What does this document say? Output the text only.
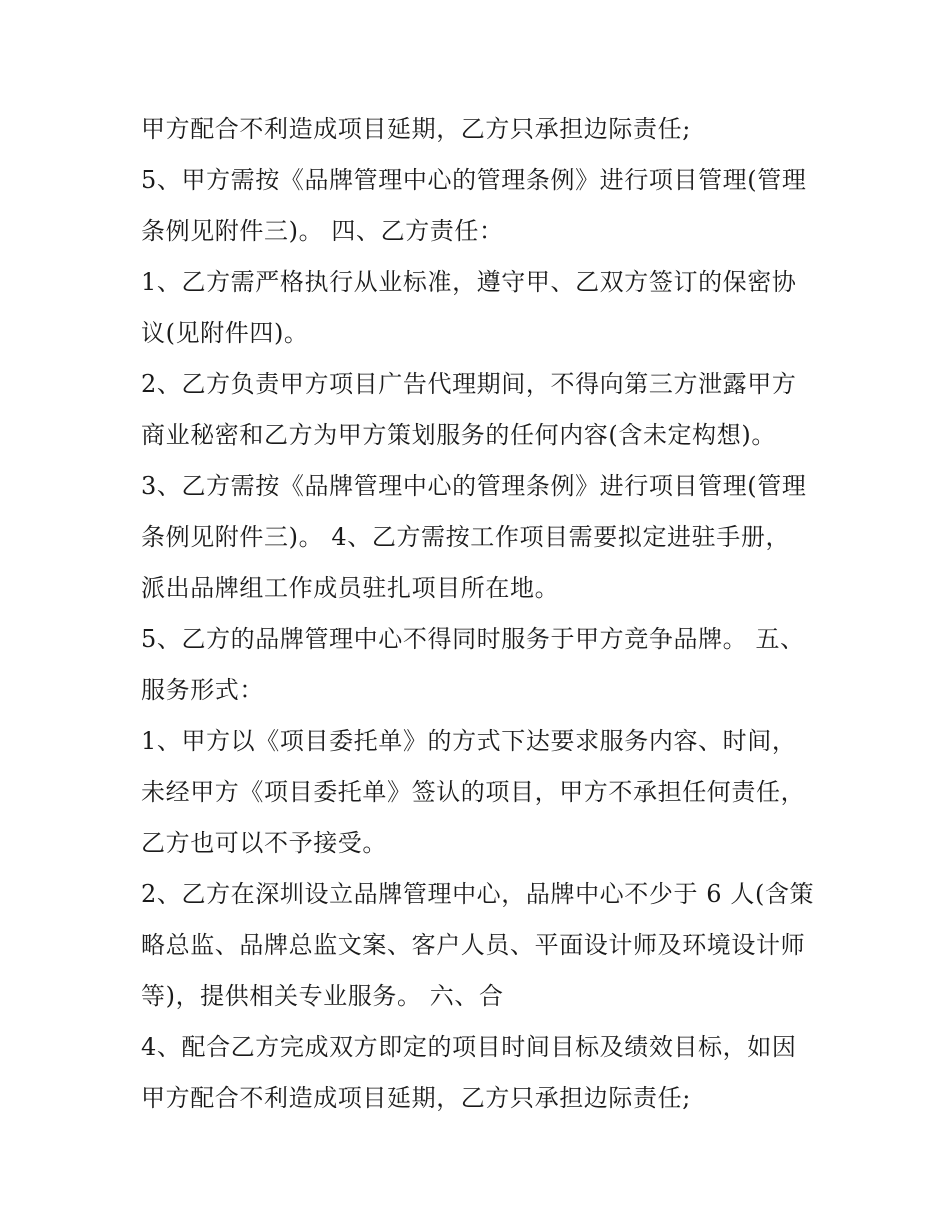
甲方配合不利造成项目延期，乙方只承担边际责任;
5、甲方需按《品牌管理中心的管理条例》进行项目管理(管理
条例见附件三)。 四、乙方责任：
1、乙方需严格执行从业标准，遵守甲、乙双方签订的保密协
议(见附件四)。
2、乙方负责甲方项目广告代理期间，不得向第三方泄露甲方
商业秘密和乙方为甲方策划服务的任何内容(含未定构想)。
3、乙方需按《品牌管理中心的管理条例》进行项目管理(管理
条例见附件三)。 4、乙方需按工作项目需要拟定进驻手册，
派出品牌组工作成员驻扎项目所在地。
5、乙方的品牌管理中心不得同时服务于甲方竞争品牌。 五、
服务形式：
1、甲方以《项目委托单》的方式下达要求服务内容、时间，
未经甲方《项目委托单》签认的项目，甲方不承担任何责任，
乙方也可以不予接受。
2、乙方在深圳设立品牌管理中心，品牌中心不少于 6 人(含策
略总监、品牌总监文案、客户人员、平面设计师及环境设计师
等)，提供相关专业服务。 六、合
4、配合乙方完成双方即定的项目时间目标及绩效目标，如因
甲方配合不利造成项目延期，乙方只承担边际责任;
